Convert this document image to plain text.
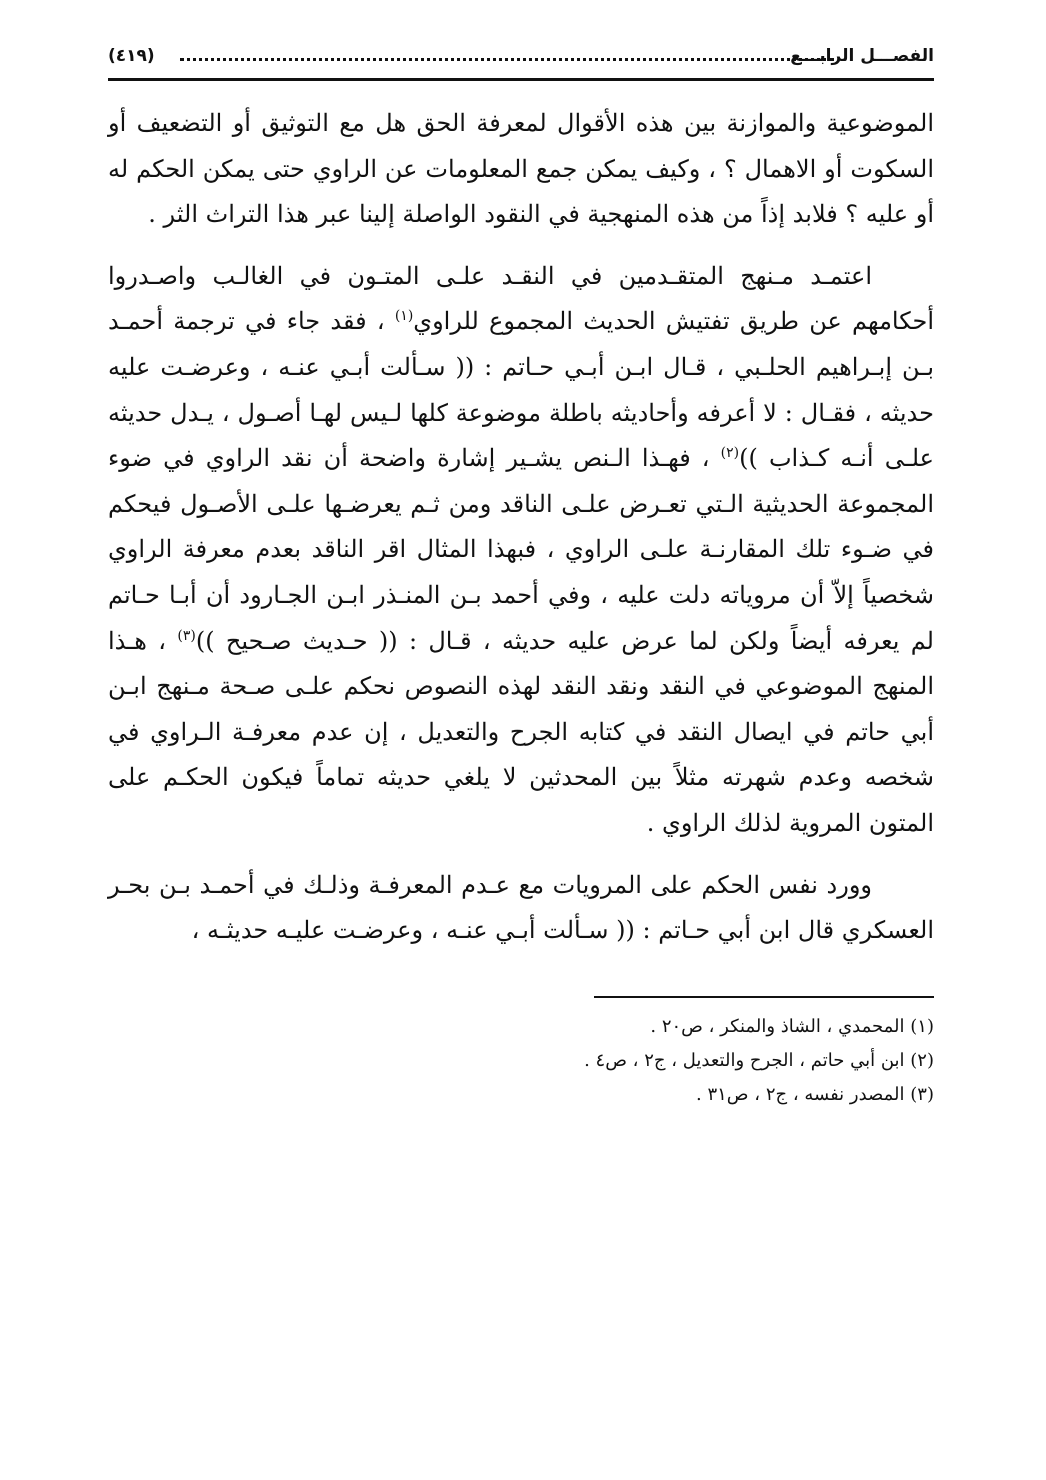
الفصـــل الرابـــع
(٤١٩)

الموضوعية والموازنة بين هذه الأقوال لمعرفة الحق هل مع التوثيق أو التضعيف أو السكوت أو الاهمال ؟ ، وكيف يمكن جمع المعلومات عن الراوي حتى يمكن الحكم له أو عليه ؟ فلابد إذاً من هذه المنهجية في النقود الواصلة إلينا عبر هذا التراث الثر .

اعتمـد مـنهج المتقـدمين في النقـد علـى المتـون في الغالـب واصـدروا أحكامهم عن طريق تفتيش الحديث المجموع للراوي$^{(١)}$ ، فقد جاء في ترجمة أحمـد بـن إبـراهيم الحلـبي ، قـال ابـن أبـي حـاتم : (( سـألت أبـي عنـه ، وعرضـت عليه حديثه ، فقـال : لا أعرفه وأحاديثه باطلة موضوعة كلها لـيس لهـا أصـول ، يـدل حديثه علـى أنـه كـذاب ))$^{(٢)}$ ، فهـذا الـنص يشـير إشارة واضحة أن نقد الراوي في ضوء المجموعة الحديثية الـتي تعـرض علـى الناقد ومن ثـم يعرضـها علـى الأصـول فيحكم في ضـوء تلك المقارنـة علـى الراوي ، فبهذا المثال اقر الناقد بعدم معرفة الراوي شخصياً إلاّ أن مروياته دلت عليه ، وفي أحمد بـن المنـذر ابـن الجـارود أن أبـا حـاتم لم يعرفه أيضاً ولكن لما عرض عليه حديثه ، قـال : (( حـديث صـحيح ))$^{(٣)}$ ، هـذا المنهج الموضوعي في النقد ونقد النقد لهذه النصوص نحكم علـى صـحة مـنهج ابـن أبي حاتم في ايصال النقد في كتابه الجرح والتعديل ، إن عدم معرفـة الـراوي في شخصه وعدم شهرته مثلاً بين المحدثين لا يلغي حديثه تماماً فيكون الحكـم على المتون المروية لذلك الراوي .

وورد نفس الحكم على المرويات مع عـدم المعرفـة وذلـك في أحمـد بـن بحـر العسكري قال ابن أبي حـاتم : (( سـألت أبـي عنـه ، وعرضـت عليـه حديثـه ،

(١) المحمدي ، الشاذ والمنكر ، ص٢٠ .

(٢) ابن أبي حاتم ، الجرح والتعديل ، ج٢ ، ص٤ .

(٣) المصدر نفسه ، ج٢ ، ص٣١ .
